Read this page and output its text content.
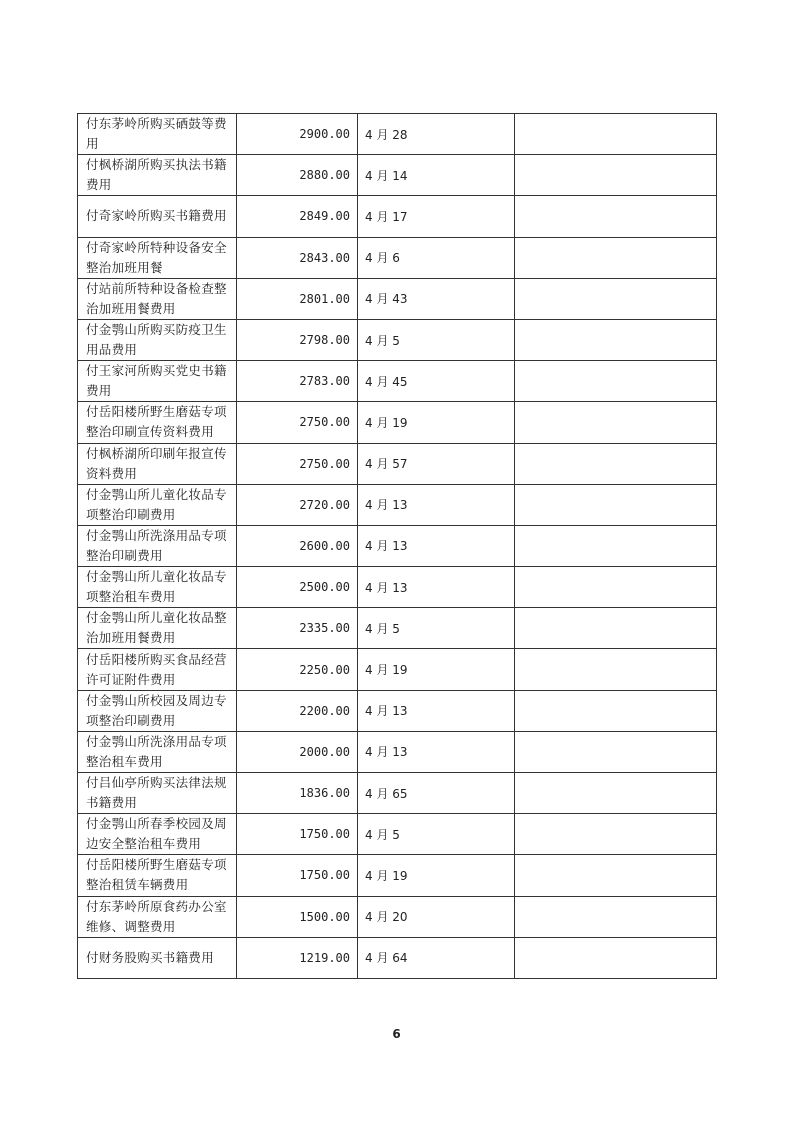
付东茅岭所购买硒鼓等费用	2900.00	4 月 28	
付枫桥湖所购买执法书籍费用	2880.00	4 月 14	
付奇家岭所购买书籍费用	2849.00	4 月 17	
付奇家岭所特种设备安全整治加班用餐	2843.00	4 月 6	
付站前所特种设备检查整治加班用餐费用	2801.00	4 月 43	
付金鹗山所购买防疫卫生用品费用	2798.00	4 月 5	
付王家河所购买党史书籍费用	2783.00	4 月 45	
付岳阳楼所野生磨菇专项整治印刷宣传资料费用	2750.00	4 月 19	
付枫桥湖所印刷年报宣传资料费用	2750.00	4 月 57	
付金鹗山所儿童化妆品专项整治印刷费用	2720.00	4 月 13	
付金鹗山所洗涤用品专项整治印刷费用	2600.00	4 月 13	
付金鹗山所儿童化妆品专项整治租车费用	2500.00	4 月 13	
付金鹗山所儿童化妆品整治加班用餐费用	2335.00	4 月 5	
付岳阳楼所购买食品经营许可证附件费用	2250.00	4 月 19	
付金鹗山所校园及周边专项整治印刷费用	2200.00	4 月 13	
付金鹗山所洗涤用品专项整治租车费用	2000.00	4 月 13	
付吕仙亭所购买法律法规书籍费用	1836.00	4 月 65	
付金鹗山所春季校园及周边安全整治租车费用	1750.00	4 月 5	
付岳阳楼所野生磨菇专项整治租赁车辆费用	1750.00	4 月 19	
付东茅岭所原食药办公室维修、调整费用	1500.00	4 月 20	
付财务股购买书籍费用	1219.00	4 月 64	
6
